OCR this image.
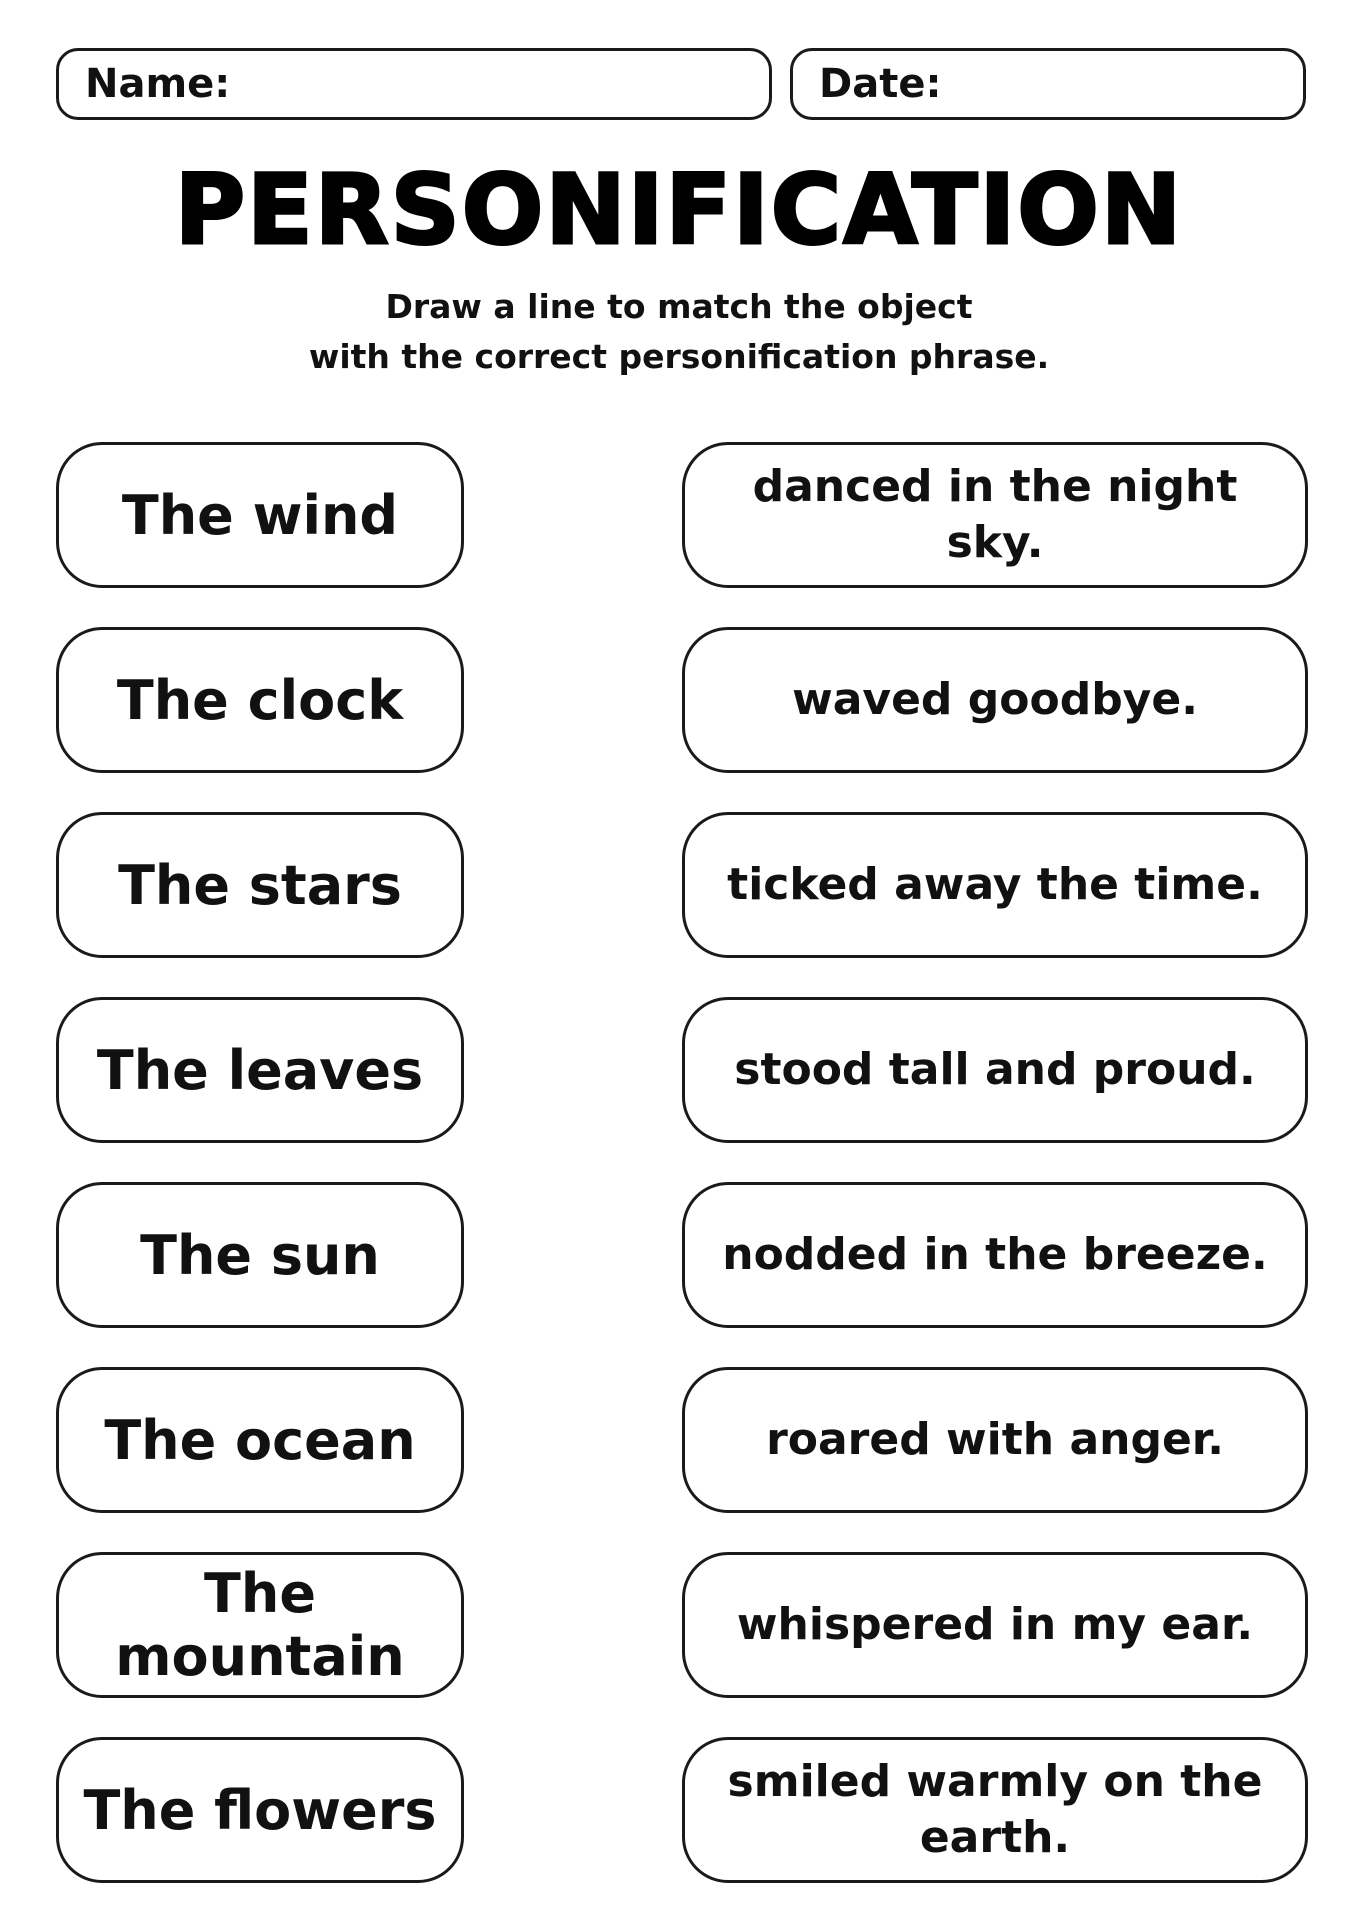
Name:	Date:
PERSONIFICATION
Draw a line to match the object
with the correct personification phrase.
The wind
The clock
The stars
The leaves
The sun
The ocean
The mountain
The flowers
danced in the night sky.
waved goodbye.
ticked away the time.
stood tall and proud.
nodded in the breeze.
roared with anger.
whispered in my ear.
smiled warmly on the earth.
